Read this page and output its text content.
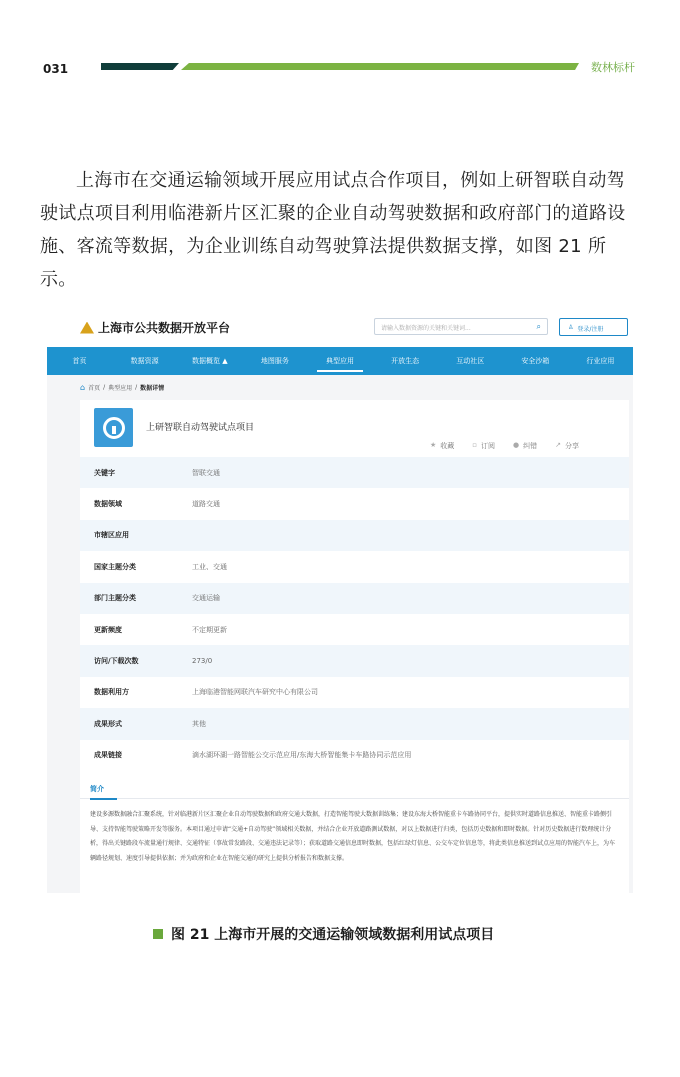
031	数林标杆

上海市在交通运输领域开展应用试点合作项目，例如上研智联自动驾驶试点项目利用临港新片区汇聚的企业自动驾驶数据和政府部门的道路设施、客流等数据，为企业训练自动驾驶算法提供数据支撑，如图 21 所示。

上海市公共数据开放平台	请输入数据资源的关键和关键词...	⌕	♙ 登录/注册
首页	数据资源	数据概览 ▲	地图服务	典型应用	开放生态	互动社区	安全沙箱	行业应用
⌂ 首页 / 典型应用 / 数据详情
上研智联自动驾驶试点项目
★ 收藏	▫ 订阅	● 纠错	↗ 分享
关键字	智联交通
数据领域	道路交通
市辖区应用
国家主题分类	工业、交通
部门主题分类	交通运输
更新频度	不定期更新
访问/下载次数	273/0
数据利用方	上海临港智能网联汽车研究中心有限公司
成果形式	其他
成果链接	滴水湖环湖一路智能公交示范应用/东海大桥智能集卡车路协同示范应用
简介
建设多源数据融合汇聚系统，针对临港新片区汇聚企业自动驾驶数据和政府交通大数据，打造智能驾驶大数据训练集；建设东海大桥智能重卡车路协同平台，提供实时道路信息推送、智能重卡路侧引导、支持智能驾驶策略开发等服务。本项目通过申请“交通+自动驾驶”领域相关数据，并结合企业开放道路测试数据，对以上数据进行归类，包括历史数据和即时数据。针对历史数据进行数理统计分析，得出关键路段车流量通行规律、交通特征（事故常发路段、交通违法记录等）；获取道路交通信息即时数据，包括红绿灯信息、公交车定位信息等，将此类信息推送到试点应用的智能汽车上，为车辆路径规划、速度引导提供依据；并为政府和企业在智能交通的研究上提供分析报告和数据支撑。
图 21 上海市开展的交通运输领域数据利用试点项目
